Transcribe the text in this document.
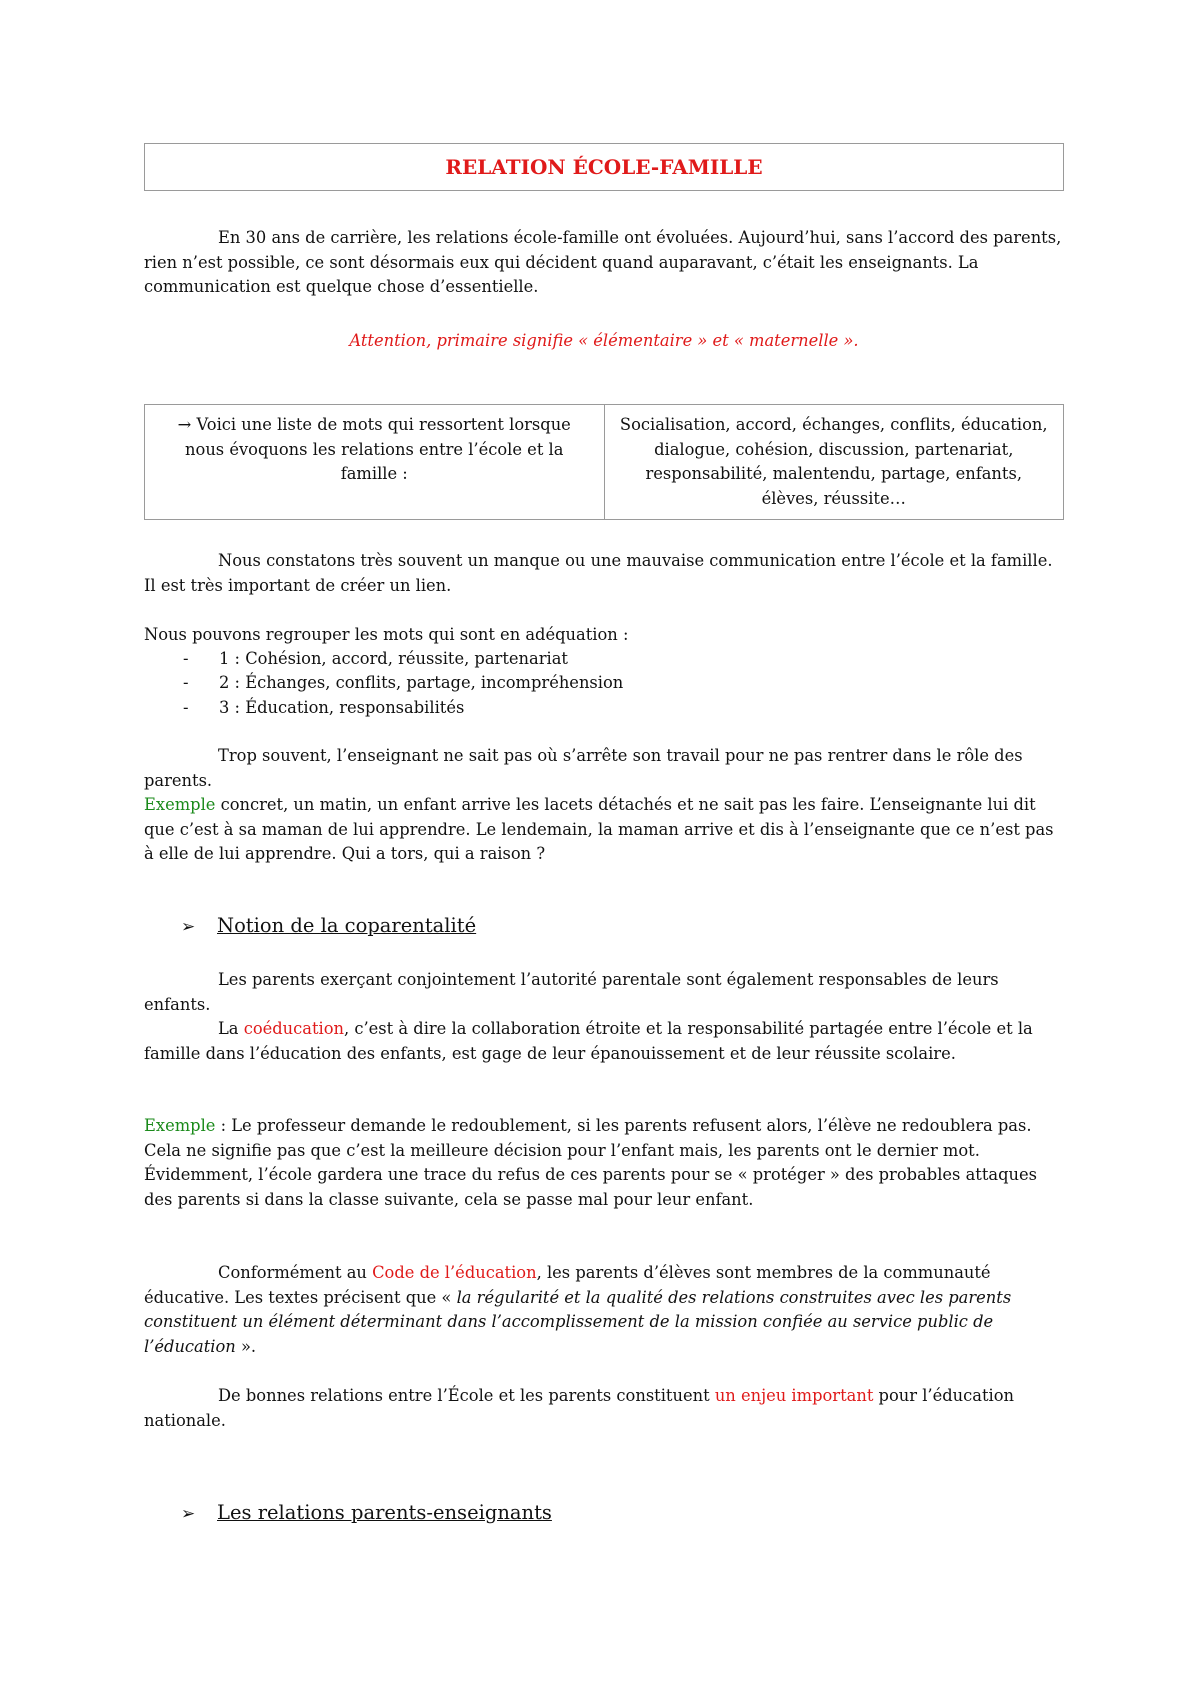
RELATION ÉCOLE-FAMILLE

En 30 ans de carrière, les relations école-famille ont évoluées. Aujourd’hui, sans l’accord des parents, rien n’est possible, ce sont désormais eux qui décident quand auparavant, c’était les enseignants. La communication est quelque chose d’essentielle.

Attention, primaire signifie « élémentaire » et « maternelle ».

→ Voici une liste de mots qui ressortent lorsque nous évoquons les relations entre l’école et la famille :	Socialisation, accord, échanges, conflits, éducation, dialogue, cohésion, discussion, partenariat, responsabilité, malentendu, partage, enfants, élèves, réussite…

Nous constatons très souvent un manque ou une mauvaise communication entre l’école et la famille. Il est très important de créer un lien.

Nous pouvons regrouper les mots qui sont en adéquation :

- 1 : Cohésion, accord, réussite, partenariat
- 2 : Échanges, conflits, partage, incompréhension
- 3 : Éducation, responsabilités

Trop souvent, l’enseignant ne sait pas où s’arrête son travail pour ne pas rentrer dans le rôle des parents.

Exemple concret, un matin, un enfant arrive les lacets détachés et ne sait pas les faire. L’enseignante lui dit que c’est à sa maman de lui apprendre. Le lendemain, la maman arrive et dis à l’enseignante que ce n’est pas à elle de lui apprendre. Qui a tors, qui a raison ?

➢ Notion de la coparentalité

Les parents exerçant conjointement l’autorité parentale sont également responsables de leurs enfants.

La coéducation, c’est à dire la collaboration étroite et la responsabilité partagée entre l’école et la famille dans l’éducation des enfants, est gage de leur épanouissement et de leur réussite scolaire.

Exemple : Le professeur demande le redoublement, si les parents refusent alors, l’élève ne redoublera pas. Cela ne signifie pas que c’est la meilleure décision pour l’enfant mais, les parents ont le dernier mot. Évidemment, l’école gardera une trace du refus de ces parents pour se « protéger » des probables attaques des parents si dans la classe suivante, cela se passe mal pour leur enfant.

Conformément au Code de l’éducation, les parents d’élèves sont membres de la communauté éducative. Les textes précisent que « la régularité et la qualité des relations construites avec les parents constituent un élément déterminant dans l’accomplissement de la mission confiée au service public de l’éducation ».

De bonnes relations entre l’École et les parents constituent un enjeu important pour l’éducation nationale.

➢ Les relations parents-enseignants
